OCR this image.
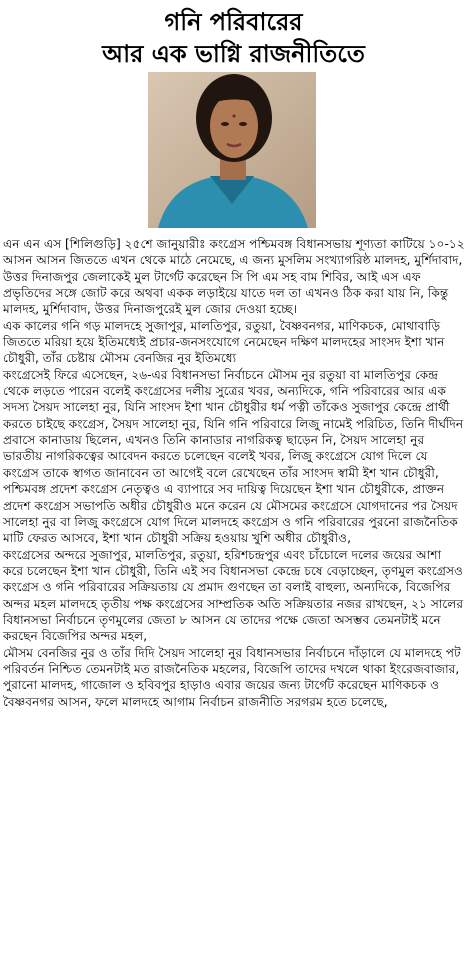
গনি পরিবারের
আর এক ভাগ্নি রাজনীতিতে

এন এন এস [শিলিগুড়ি] ২৫শে জানুয়ারীঃ কংগ্রেস পশ্চিমবঙ্গ বিধানসভায় শূণ্যতা কাটিয়ে ১০-১২ আসন আসন জিততে এখন থেকে মাঠে নেমেছে, এ জন্য মুসলিম সংখ্যাগরিষ্ঠ মালদহ, মুর্শিদাবাদ, উত্তর দিনাজপুর জেলাকেই মুল টার্গেট করেছেন সি পি এম সহ বাম শিবির, আই এস এফ প্রভৃতিদের সঙ্গে জোট করে অথবা একক লড়াইয়ে যাতে দল তা এখনও ঠিক করা যায় নি, কিন্তু মালদহ, মুর্শিদাবাদ, উত্তর দিনাজপুরেই মুল জোর দেওয়া হচ্ছে।

এক কালের গনি গড় মালদহে সুজাপুর, মালতিপুর, রতুয়া, বৈষ্ণবনগর, মাণিকচক, মোথাবাড়ি জিততে মরিয়া হয়ে ইতিমধ্যেই প্রচার-জনসংযোগে নেমেছেন দক্ষিণ মালদহের সাংসদ ইশা খান চৌধুরী, তাঁর চেষ্টায় মৌসম বেনজির নুর ইতিমধ্যে

কংগ্রেসেই ফিরে এসেছেন, ২৬-এর বিধানসভা নির্বাচনে মৌসম নুর রতুয়া বা মালতিপুর কেন্দ্র থেকে লড়তে পারেন বলেই কংগ্রেসের দলীয় সুত্রের খবর, অন্যদিকে, গনি পরিবারের আর এক সদস্য সৈয়দ সালেহা নুর, যিনি সাংসদ ইশা খান চৌধুরীর ধর্ম পত্নী তাঁকেও সুজাপুর কেন্দ্রে প্রার্থী করতে চাইছে কংগ্রেস, সৈয়দ সালেহা নুর, যিনি গনি পরিবারে লিজু নামেই পরিচিত, তিনি দীর্ঘদিন প্রবাসে কানাডায় ছিলেন, এখনও তিনি কানাডার নাগরিকত্ব ছাড়েন নি, সৈয়দ সালেহা নুর ভারতীয় নাগরিকত্বের আবেদন করতে চলেছেন বলেই খবর, লিজু কংগ্রেসে যোগ দিলে যে কংগ্রেস তাকে স্বাগত জানাবেন তা আগেই বলে রেখেছেন তাঁর সাংসদ স্বামী ইশ খান চৌধুরী,

পশ্চিমবঙ্গ প্রদেশ কংগ্রেস নেতৃত্বও এ ব্যাপারে সব দায়িত্ব দিয়েছেন ইশা খান চৌধুরীকে, প্রাক্তন প্রদেশ কংগ্রেস সভাপতি অধীর চৌধুরীও মনে করেন যে মৌসমের কংগ্রেসে যোগদানের পর সৈয়দ সালেহা নুর বা লিজু কংগ্রেসে যোগ দিলে মালদহে কংগ্রেস ও গনি পরিবারের পুরনো রাজনৈতিক মাটি ফেরত আসবে, ইশা খান চৌধুরী সক্রিয় হওয়ায় খুশি অধীর চৌধুরীও,

কংগ্রেসের অন্দরে সুজাপুর, মালতিপুর, রতুয়া, হরিশচন্দ্রপুর এবং চাঁচোলে দলের জয়ের আশা করে চলেছেন ইশা খান চৌধুরী, তিনি এই সব বিধানসভা কেন্দ্রে চষে বেড়াচ্ছেন, তৃণমুল কংগ্রেসও কংগ্রেস ও গনি পরিবারের সক্রিয়তায় যে প্রমাদ গুণছেন তা বলাই বাহুল্য, অন্যদিকে, বিজেপির অন্দর মহল মালদহে তৃতীয় পক্ষ কংগ্রেসের সাম্প্রতিক অতি সক্রিয়তার নজর রাখছেন, ২১ সালের বিধানসভা নির্বাচনে তৃণমুলের জেতা ৮ আসন যে তাদের পক্ষে জেতা অসম্ভব তেমনটাই মনে করছেন বিজেপির অন্দর মহল,

মৌসম বেনজির নুর ও তাঁর দিদি সৈয়দ সালেহা নুর বিধানসভার নির্বাচনে দাঁড়ালে যে মালদহে পট পরিবর্তন নিশ্চিত তেমনটাই মত রাজনৈতিক মহলের, বিজেপি তাদের দখলে থাকা ইংরেজবাজার, পুরানো মালদহ, গাজোল ও হবিবপুর হাড়াও এবার জয়ের জন্য টার্গেট করেছেন মাণিকচক ও বৈষ্ণবনগর আসন, ফলে মালদহে আগাম নির্বাচন রাজনীতি সরগরম হতে চলেছে,
